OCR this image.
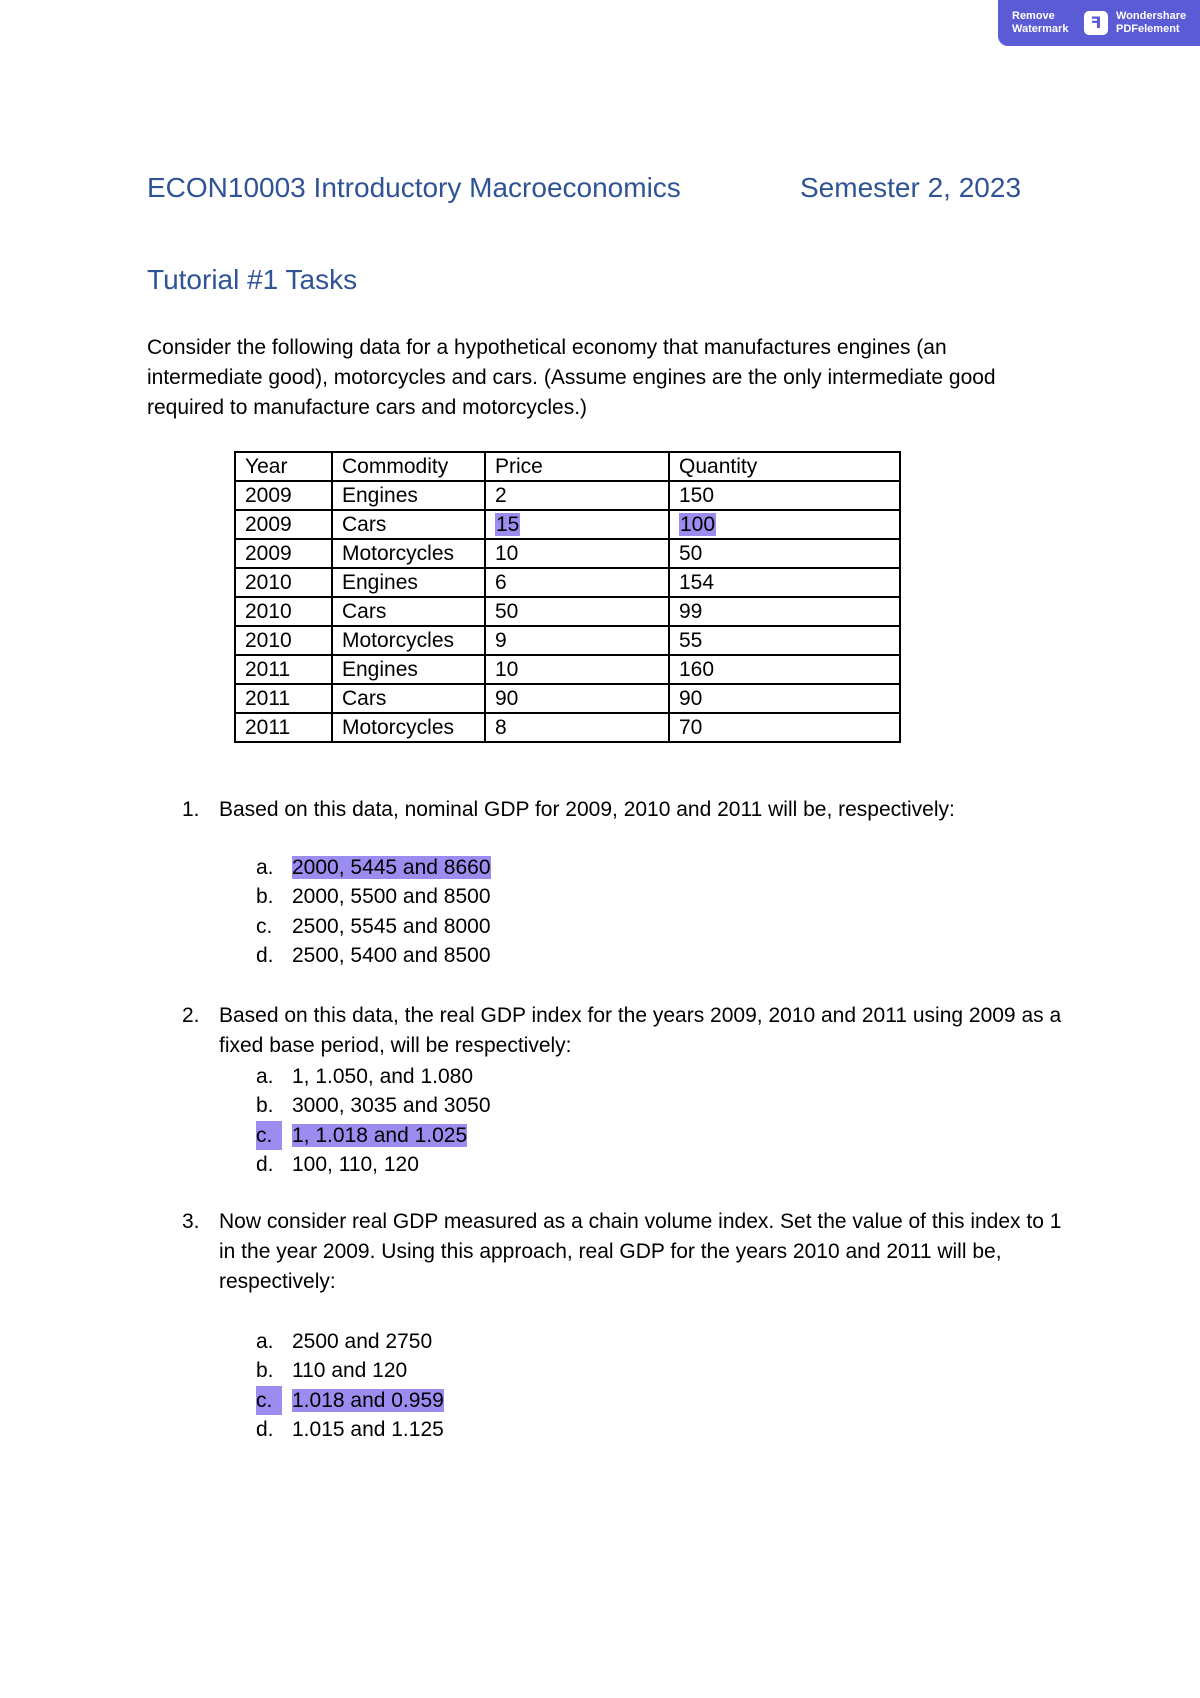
Remove Watermark	ꟻ	Wondershare PDFelement
ECON10003 Introductory Macroeconomics	Semester 2, 2023
Tutorial #1 Tasks
Consider the following data for a hypothetical economy that manufactures engines (an intermediate good), motorcycles and cars. (Assume engines are the only intermediate good required to manufacture cars and motorcycles.)
Year	Commodity	Price	Quantity
2009	Engines	2	150
2009	Cars	15	100
2009	Motorcycles	10	50
2010	Engines	6	154
2010	Cars	50	99
2010	Motorcycles	9	55
2011	Engines	10	160
2011	Cars	90	90
2011	Motorcycles	8	70
1. Based on this data, nominal GDP for 2009, 2010 and 2011 will be, respectively:
a. 2000, 5445 and 8660
b. 2000, 5500 and 8500
c. 2500, 5545 and 8000
d. 2500, 5400 and 8500
2. Based on this data, the real GDP index for the years 2009, 2010 and 2011 using 2009 as a fixed base period, will be respectively:
a. 1, 1.050, and 1.080
b. 3000, 3035 and 3050
c. 1, 1.018 and 1.025
d. 100, 110, 120
3. Now consider real GDP measured as a chain volume index. Set the value of this index to 1 in the year 2009. Using this approach, real GDP for the years 2010 and 2011 will be, respectively:
a. 2500 and 2750
b. 110 and 120
c. 1.018 and 0.959
d. 1.015 and 1.125
